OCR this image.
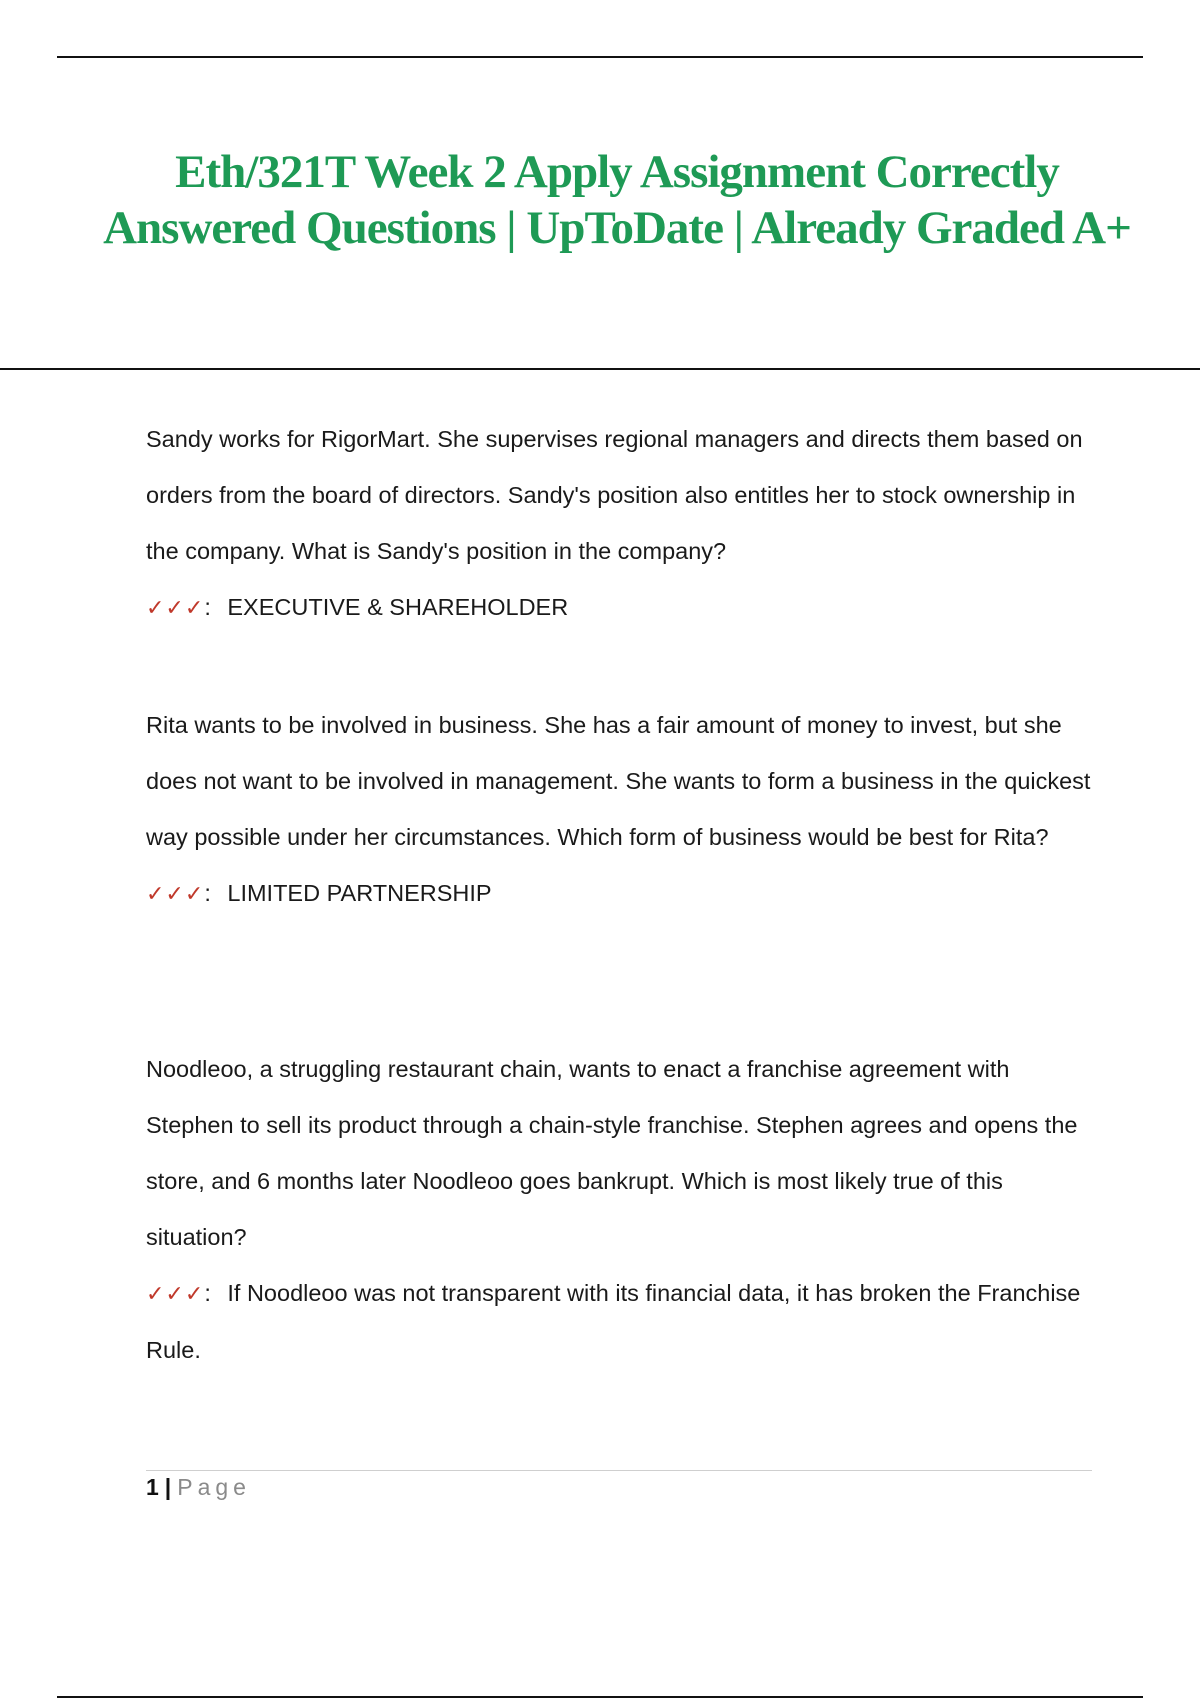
Eth/321T Week 2 Apply Assignment Correctly Answered Questions | UpToDate | Already Graded A+

Sandy works for RigorMart. She supervises regional managers and directs them based on orders from the board of directors. Sandy's position also entitles her to stock ownership in the company. What is Sandy's position in the company?

✓✓✓: EXECUTIVE & SHAREHOLDER

Rita wants to be involved in business. She has a fair amount of money to invest, but she does not want to be involved in management. She wants to form a business in the quickest way possible under her circumstances. Which form of business would be best for Rita?

✓✓✓: LIMITED PARTNERSHIP

Noodleoo, a struggling restaurant chain, wants to enact a franchise agreement with Stephen to sell its product through a chain-style franchise. Stephen agrees and opens the store, and 6 months later Noodleoo goes bankrupt. Which is most likely true of this situation?

✓✓✓: If Noodleoo was not transparent with its financial data, it has broken the Franchise Rule.

1 | Page
